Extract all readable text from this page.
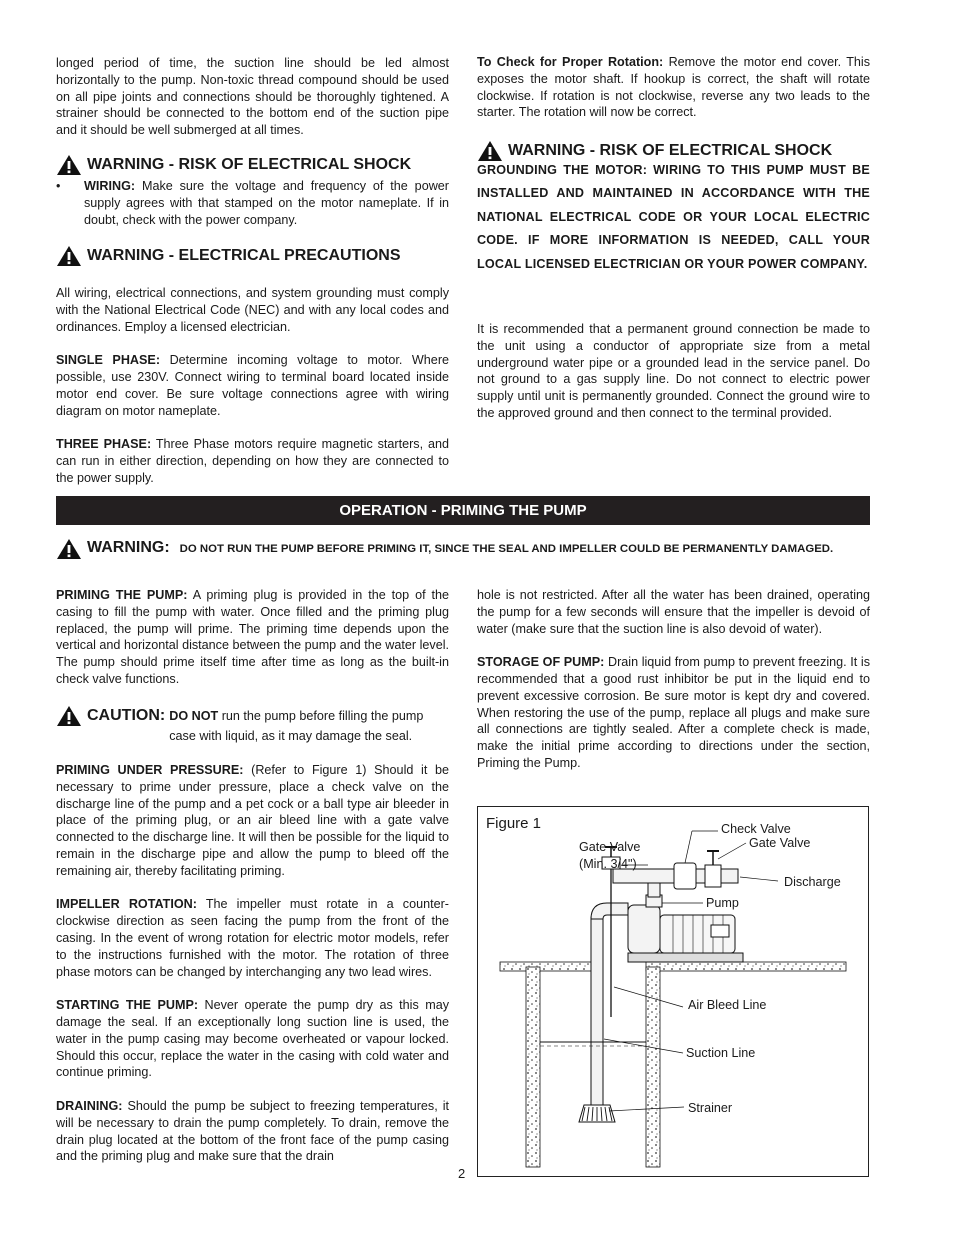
longed period of time, the suction line should be led almost horizontally to the pump. Non-toxic thread compound should be used on all pipe joints and connections should be thoroughly tightened. A strainer should be connected to the bottom end of the suction pipe and it should be well submerged at all times.

WARNING - RISK OF ELECTRICAL SHOCK
•	WIRING: Make sure the voltage and frequency of the power supply agrees with that stamped on the motor nameplate. If in doubt, check with the power company.

WARNING - ELECTRICAL PRECAUTIONS

All wiring, electrical connections, and system grounding must comply with the National Electrical Code (NEC) and with any local codes and ordinances. Employ a licensed electrician.

SINGLE PHASE: Determine incoming voltage to motor. Where possible, use 230V. Connect wiring to terminal board located inside motor end cover. Be sure voltage connections agree with wiring diagram on motor nameplate.

THREE PHASE: Three Phase motors require magnetic starters, and can run in either direction, depending on how they are connected to the power supply.

To Check for Proper Rotation: Remove the motor end cover. This exposes the motor shaft. If hookup is correct, the shaft will rotate clockwise. If rotation is not clockwise, reverse any two leads to the starter. The rotation will now be correct.

WARNING - RISK OF ELECTRICAL SHOCK

GROUNDING THE MOTOR: WIRING TO THIS PUMP MUST BE INSTALLED AND MAINTAINED IN ACCORDANCE WITH THE NATIONAL ELECTRICAL CODE OR YOUR LOCAL ELECTRIC CODE. IF MORE INFORMATION IS NEEDED, CALL YOUR LOCAL LICENSED ELECTRICIAN OR YOUR POWER COMPANY.

It is recommended that a permanent ground connection be made to the unit using a conductor of appropriate size from a metal underground water pipe or a grounded lead in the service panel. Do not ground to a gas supply line. Do not connect to electric power supply until unit is permanently grounded. Connect the ground wire to the approved ground and then connect to the terminal provided.

OPERATION - PRIMING THE PUMP
WARNING: DO NOT RUN THE PUMP BEFORE PRIMING IT, SINCE THE SEAL AND IMPELLER COULD BE PERMANENTLY DAMAGED.

PRIMING THE PUMP: A priming plug is provided in the top of the casing to fill the pump with water. Once filled and the priming plug replaced, the pump will prime. The priming time depends upon the vertical and horizontal distance between the pump and the water level. The pump should prime itself time after time as long as the built-in check valve functions.

CAUTION: DO NOT run the pump before filling the pump case with liquid, as it may damage the seal.

PRIMING UNDER PRESSURE: (Refer to Figure 1) Should it be necessary to prime under pressure, place a check valve on the discharge line of the pump and a pet cock or a ball type air bleeder in place of the priming plug, or an air bleed line with a gate valve connected to the discharge line. It will then be possible for the liquid to remain in the discharge pipe and allow the pump to bleed off the remaining air, thereby facilitating priming.

IMPELLER ROTATION: The impeller must rotate in a counter-clockwise direction as seen facing the pump from the front of the casing. In the event of wrong rotation for electric motor models, refer to the instructions furnished with the motor. The rotation of three phase motors can be changed by interchanging any two lead wires.

STARTING THE PUMP: Never operate the pump dry as this may damage the seal. If an exceptionally long suction line is used, the water in the pump casing may become overheated or vapour locked. Should this occur, replace the water in the casing with cold water and continue priming.

DRAINING: Should the pump be subject to freezing temperatures, it will be necessary to drain the pump completely. To drain, remove the drain plug located at the bottom of the front face of the pump casing and the priming plug and make sure that the drain

hole is not restricted. After all the water has been drained, operating the pump for a few seconds will ensure that the impeller is devoid of water (make sure that the suction line is also devoid of water).

STORAGE OF PUMP: Drain liquid from pump to prevent freezing. It is recommended that a good rust inhibitor be put in the liquid end to prevent excessive corrosion. Be sure motor is kept dry and covered. When restoring the use of the pump, replace all plugs and make sure all connections are tightly sealed. After a complete check is made, make the initial prime according to directions under the section, Priming the Pump.

Figure 1
Gate Valve
(Min. 3/4")
Check Valve
Gate Valve
Discharge
Pump
Air Bleed Line
Suction Line
Strainer
2
